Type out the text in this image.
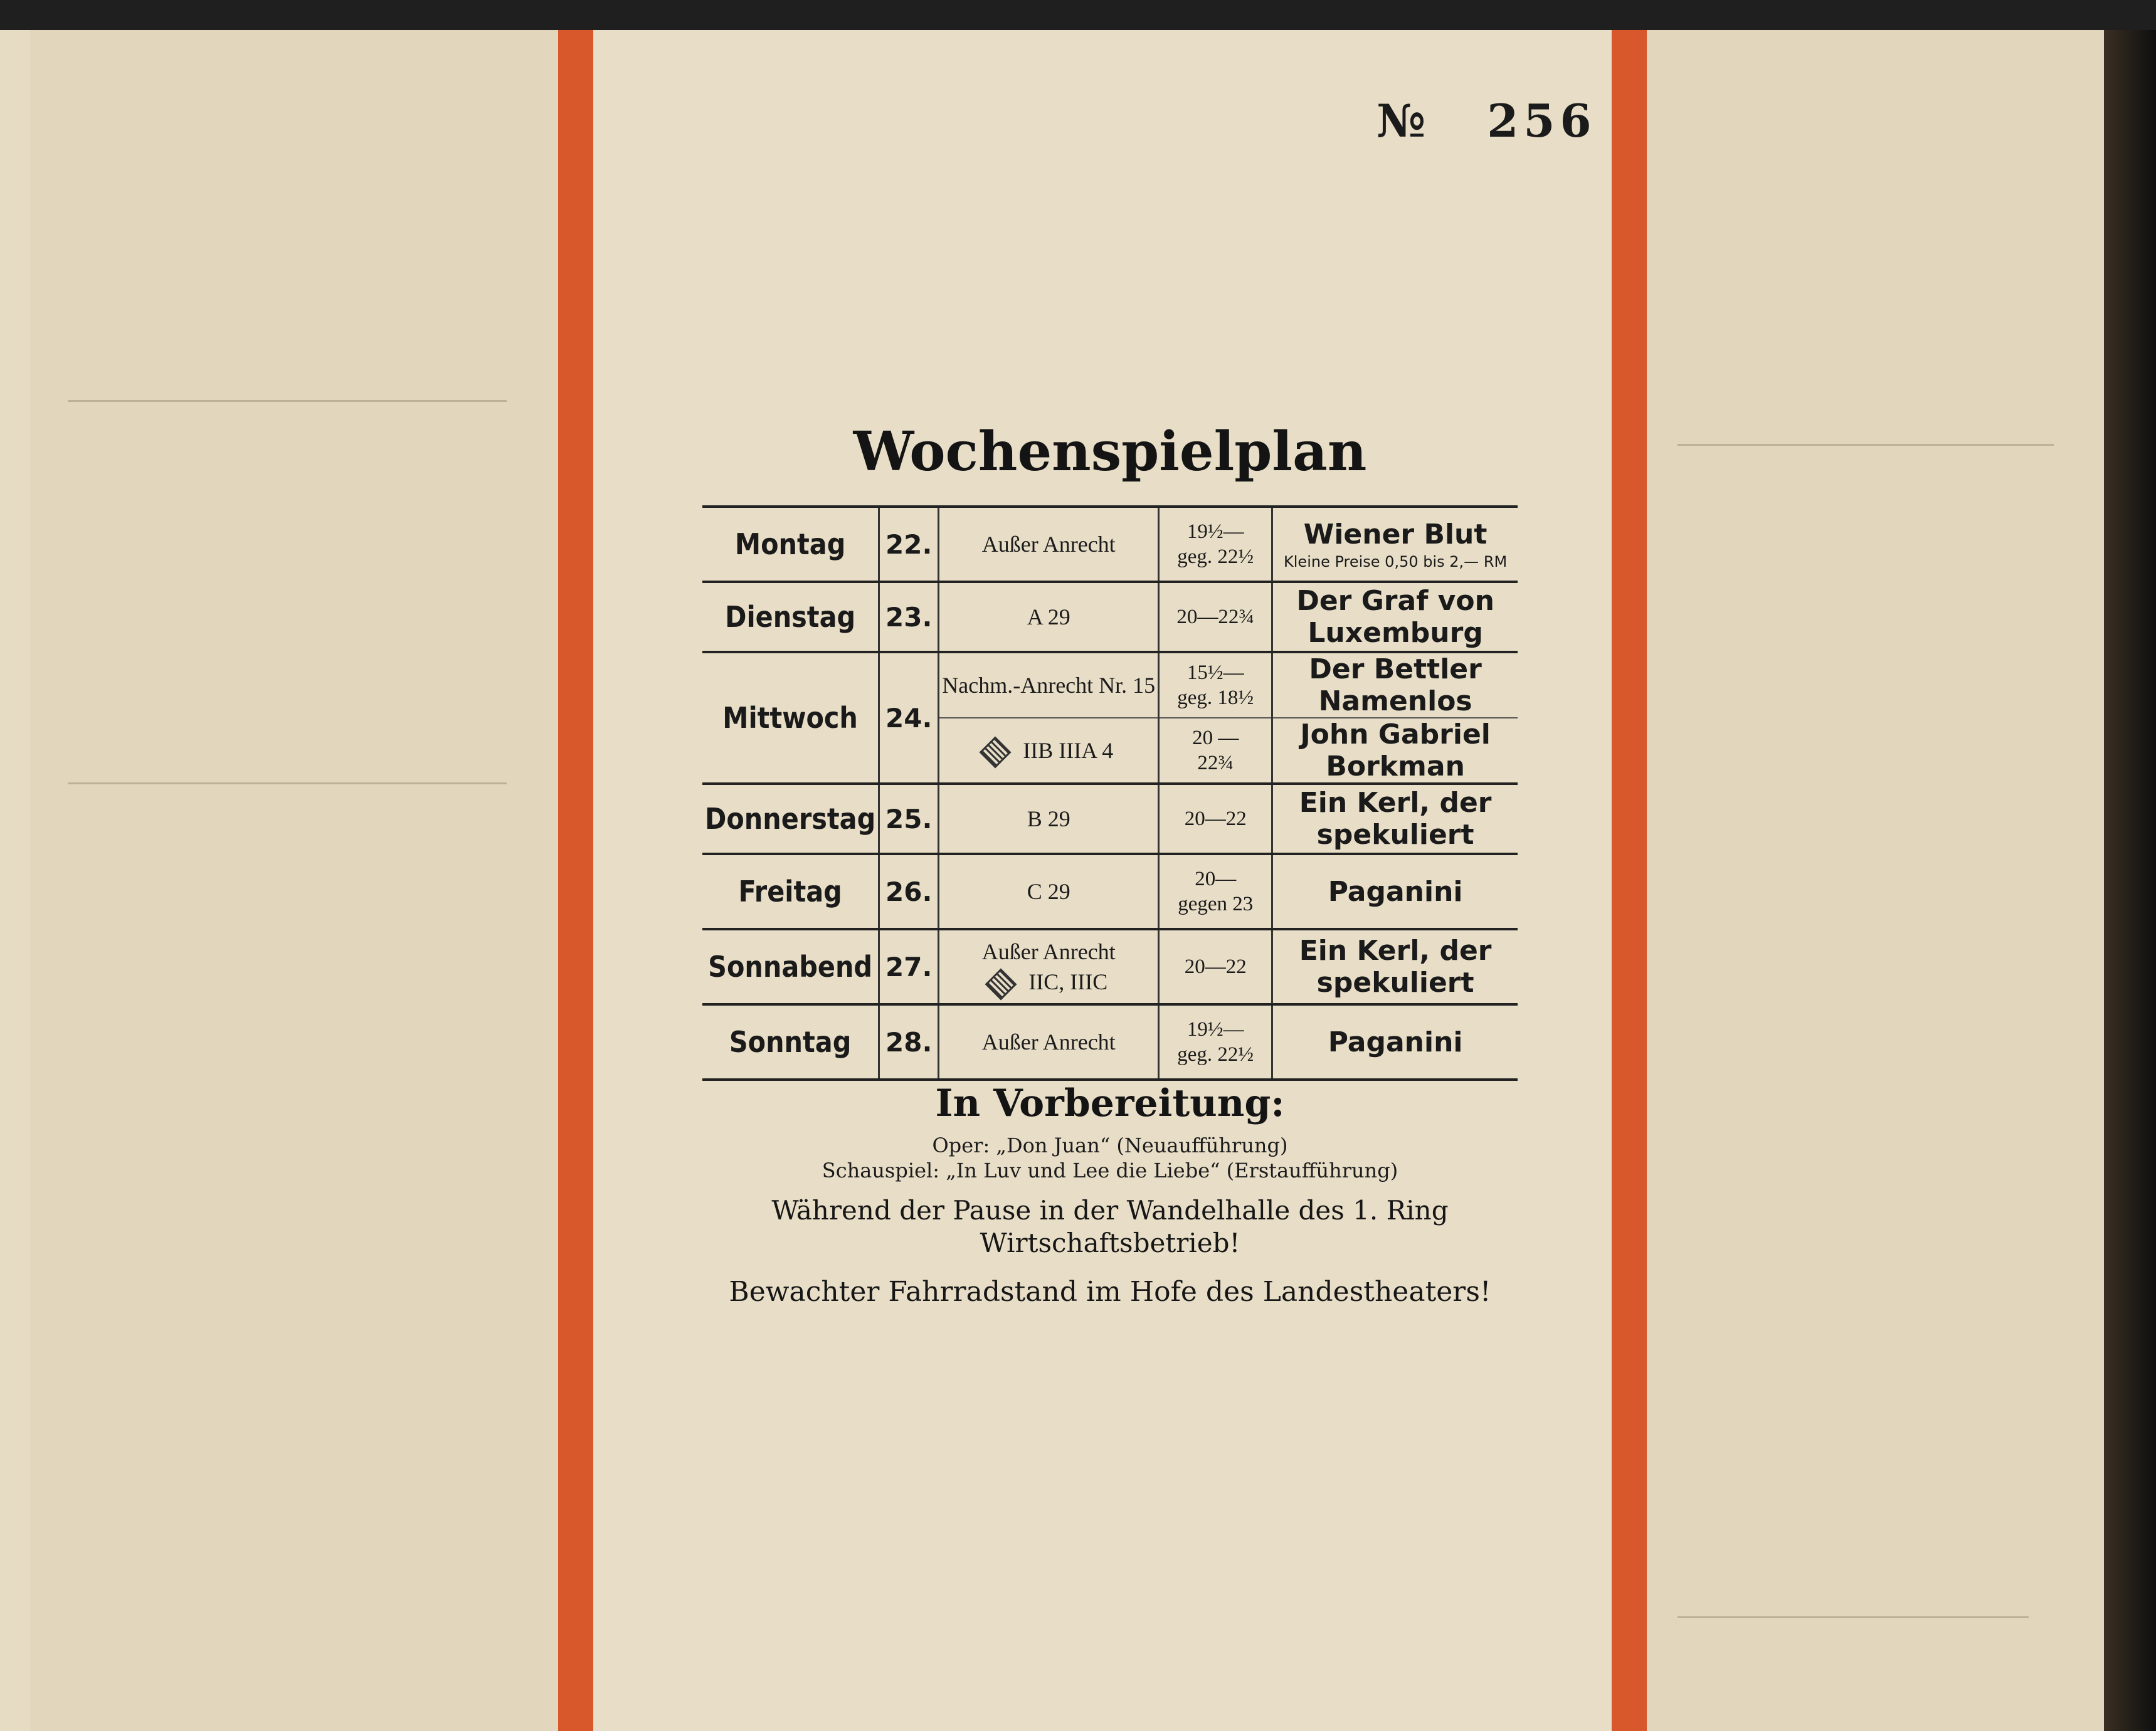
№ 256
Wochenspielplan
Montag	22.	Außer Anrecht	19½—
geg. 22½	Wiener Blut
Kleine Preise 0,50 bis 2,— RM

Dienstag	23.	A 29	20—22¾	Der Graf von Luxemburg
Mittwoch	24.	Nachm.-Anrecht Nr. 15	15½—
geg. 18½	Der Bettler Namenlos
		IIB IIIA 4	20 —
22¾	John Gabriel Borkman
Donnerstag	25.	B 29	20—22	Ein Kerl, der spekuliert
Freitag	26.	C 29	20—
gegen 23	Paganini
Sonnabend	27.	Außer Anrecht
IIC, IIIC	20—22	Ein Kerl, der spekuliert
Sonntag	28.	Außer Anrecht	19½—
geg. 22½	Paganini
In Vorbereitung:
Oper: „Don Juan“ (Neuaufführung)
Schauspiel: „In Luv und Lee die Liebe“ (Erstaufführung)
Während der Pause in der Wandelhalle des 1. Ring
Wirtschaftsbetrieb!
Bewachter Fahrradstand im Hofe des Landestheaters!
